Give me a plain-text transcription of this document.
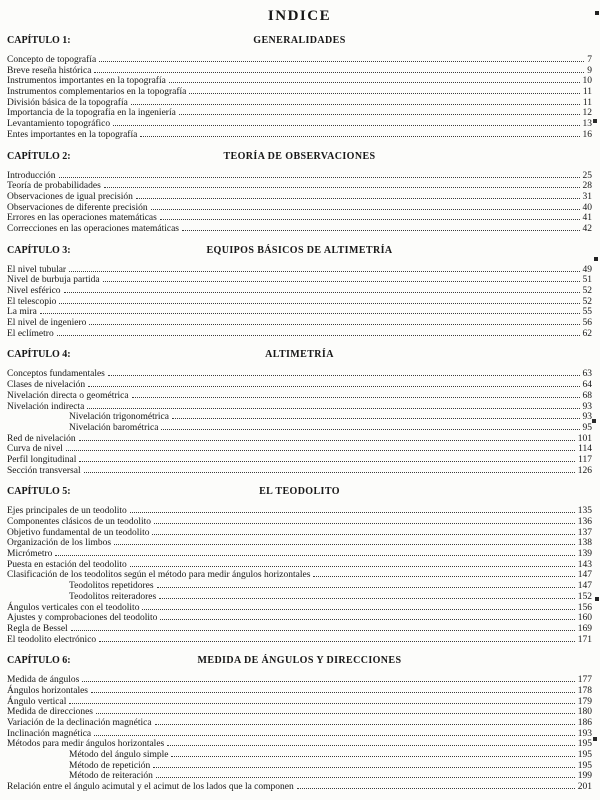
INDICE
CAPÍTULO 1:	GENERALIDADES
Concepto de topografía	7
Breve reseña histórica	9
Instrumentos importantes en la topografía	10
Instrumentos complementarios en la topografía	11
División básica de la topografía	11
Importancia de la topografía en la ingeniería	12
Levantamiento topográfico	13
Entes importantes en la topografía	16
CAPÍTULO 2:	TEORÍA DE OBSERVACIONES
Introducción	25
Teoría de probabilidades	28
Observaciones de igual precisión	31
Observaciones de diferente precisión	40
Errores en las operaciones matemáticas	41
Correcciones en las operaciones matemáticas	42
CAPÍTULO 3:	EQUIPOS BÁSICOS DE ALTIMETRÍA
El nivel tubular	49
Nivel de burbuja partida	51
Nivel esférico	52
El telescopio	52
La mira	55
El nivel de ingeniero	56
El eclímetro	62
CAPÍTULO 4:	ALTIMETRÍA
Conceptos fundamentales	63
Clases de nivelación	64
Nivelación directa o geométrica	68
Nivelación indirecta	93
Nivelación trigonométrica	93
Nivelación barométrica	95
Red de nivelación	101
Curva de nivel	114
Perfil longitudinal	117
Sección transversal	126
CAPÍTULO 5:	EL TEODOLITO
Ejes principales de un teodolito	135
Componentes clásicos de un teodolito	136
Objetivo fundamental de un teodolito	137
Organización de los limbos	138
Micrómetro	139
Puesta en estación del teodolito	143
Clasificación de los teodolitos según el método para medir ángulos horizontales	147
Teodolitos repetidores	147
Teodolitos reiteradores	152
Ángulos verticales con el teodolito	156
Ajustes y comprobaciones del teodolito	160
Regla de Bessel	169
El teodolito electrónico	171
CAPÍTULO 6:	MEDIDA DE ÁNGULOS Y DIRECCIONES
Medida de ángulos	177
Ángulos horizontales	178
Ángulo vertical	179
Medida de direcciones	180
Variación de la declinación magnética	186
Inclinación magnética	193
Métodos para medir ángulos horizontales	195
Método del ángulo simple	195
Método de repetición	195
Método de reiteración	199
Relación entre el ángulo acimutal y el acimut de los lados que la componen	201
